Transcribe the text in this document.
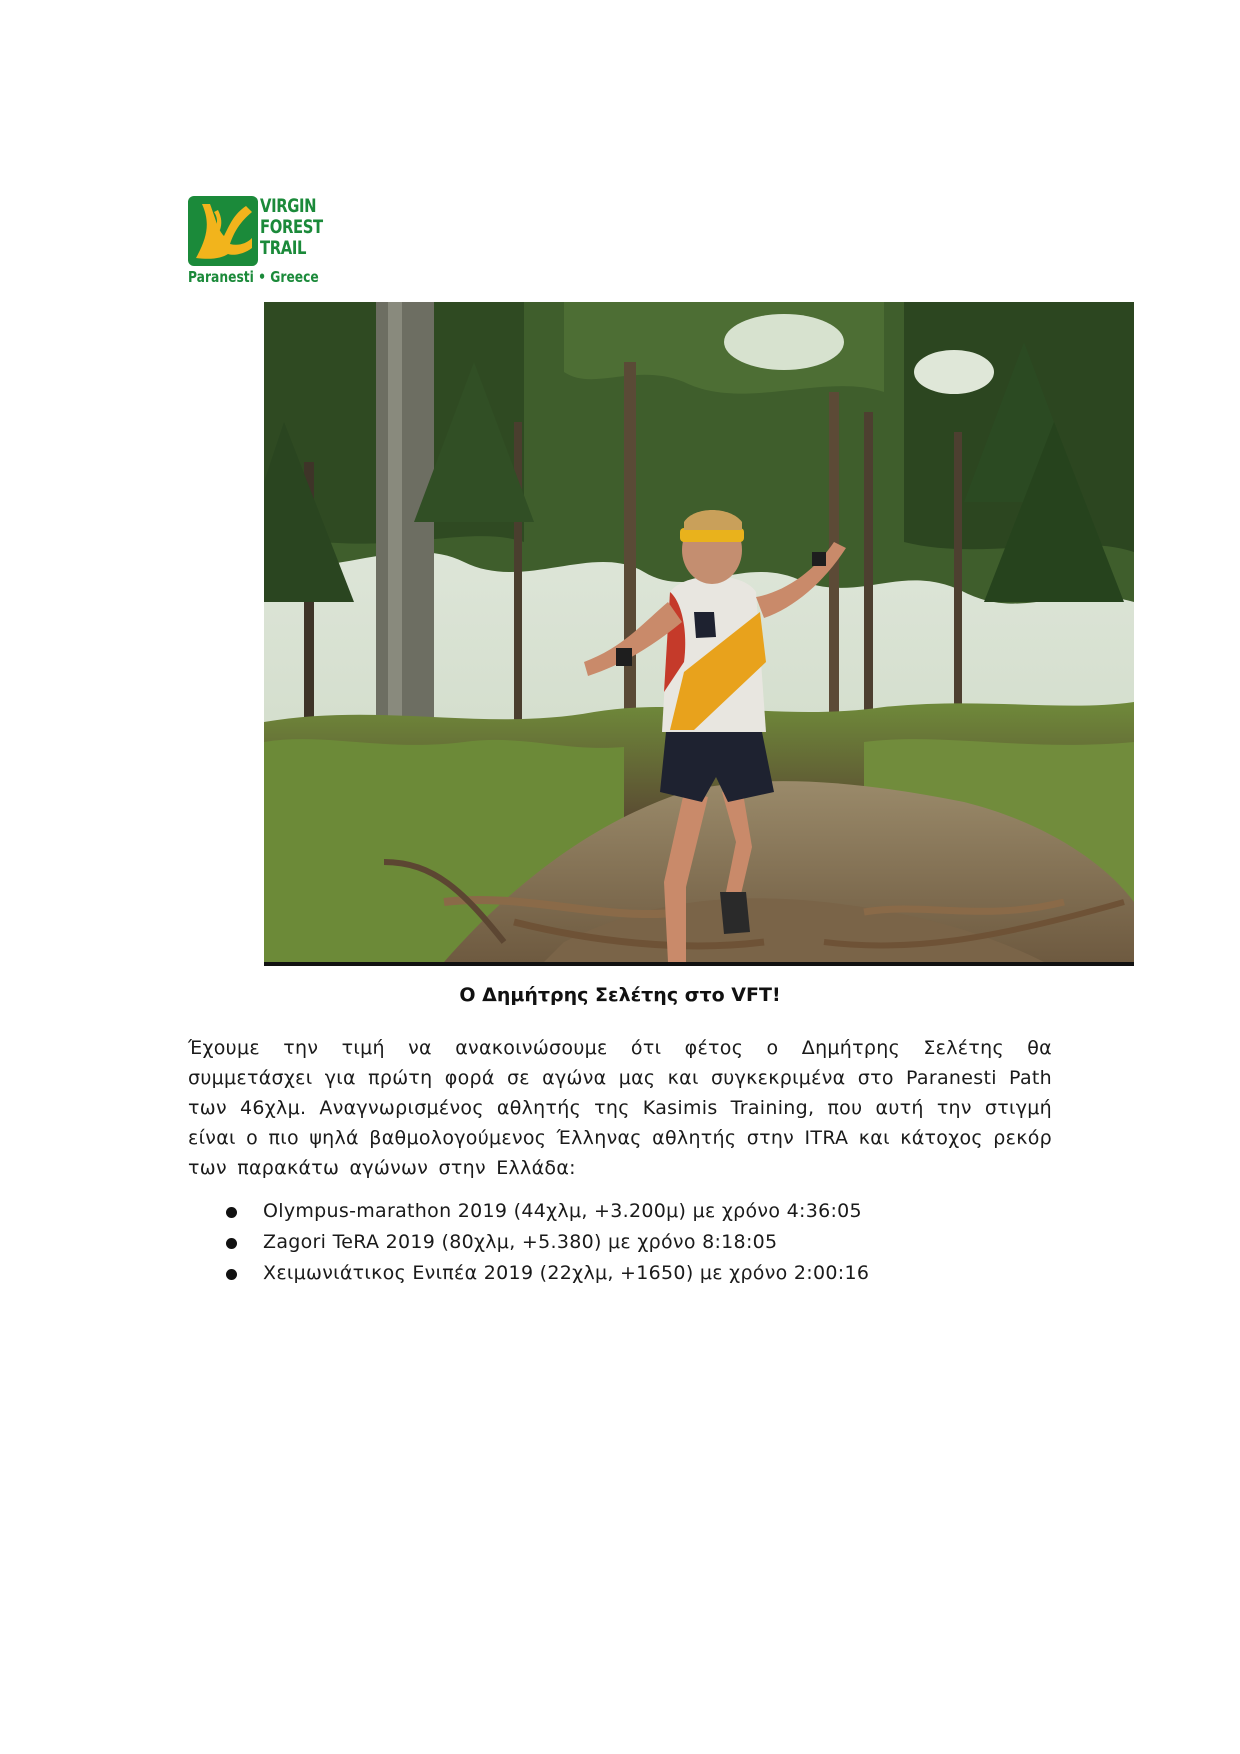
VIRGIN
FOREST
TRAIL
Paranesti • Greece
Ο Δημήτρης Σελέτης στο VFT!
Έχουμε την τιμή να ανακοινώσουμε ότι φέτος ο Δημήτρης Σελέτης θα συμμετάσχει για πρώτη φορά σε αγώνα μας και συγκεκριμένα στο Paranesti Path των 46χλμ. Αναγνωρισμένος αθλητής της Kasimis Training, που αυτή την στιγμή είναι ο πιο ψηλά βαθμολογούμενος Έλληνας αθλητής στην ITRA και κάτοχος ρεκόρ των παρακάτω αγώνων στην Ελλάδα:
Olympus-marathon 2019 (44χλμ, +3.200μ) με χρόνο 4:36:05
Zagori TeRA 2019 (80χλμ, +5.380) με χρόνο 8:18:05
Χειμωνιάτικος Ενιπέα 2019 (22χλμ, +1650) με χρόνο 2:00:16
